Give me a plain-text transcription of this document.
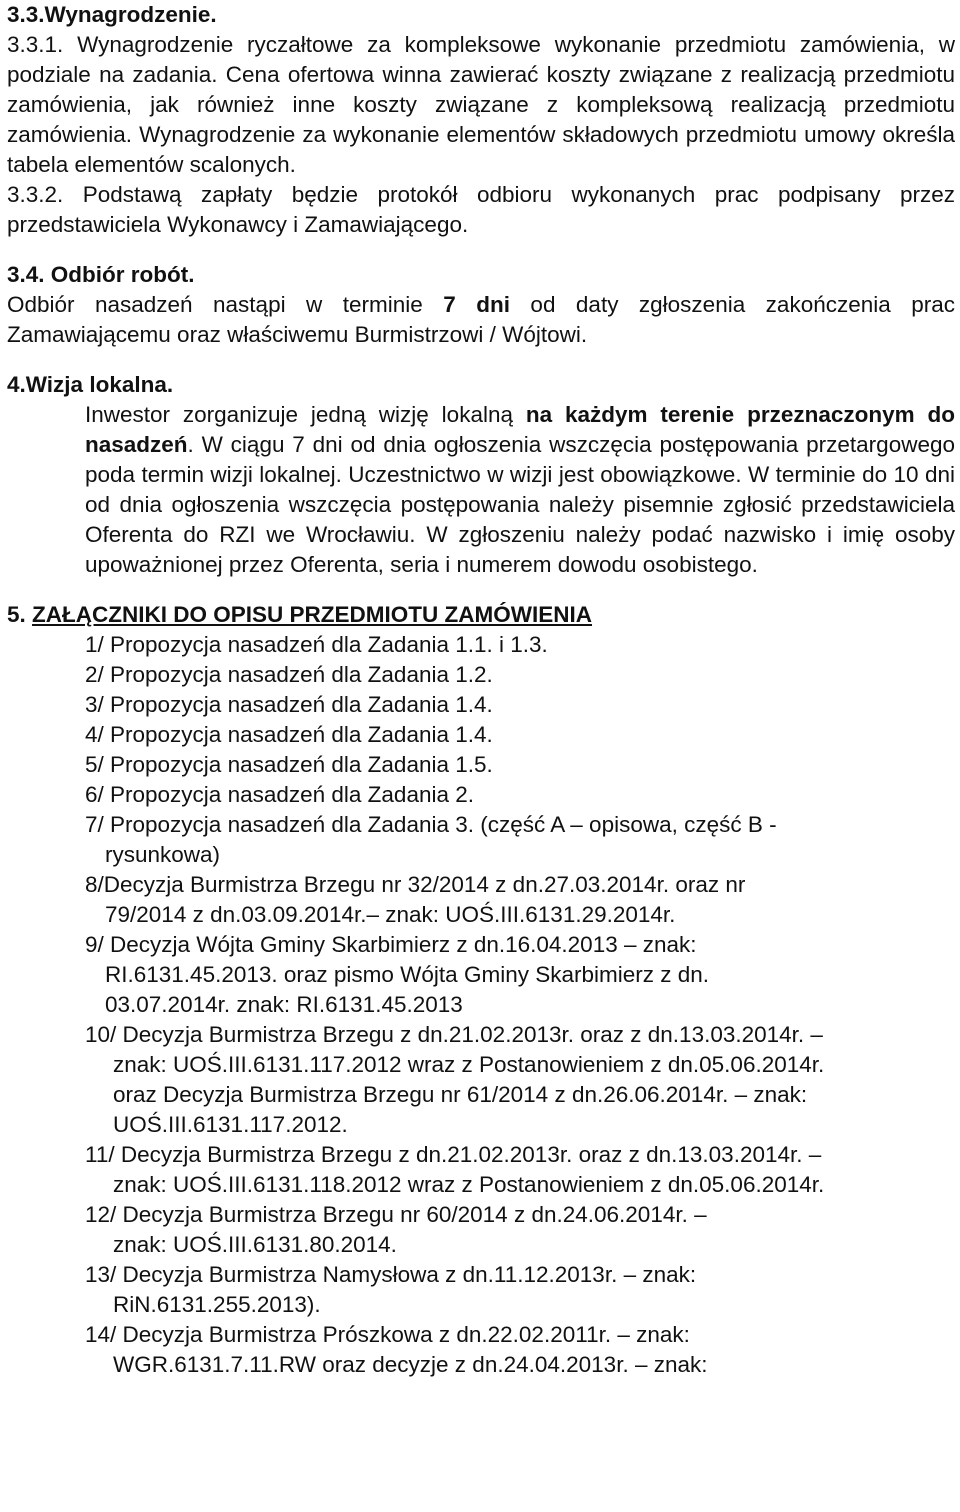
3.3.Wynagrodzenie.

3.3.1. Wynagrodzenie ryczałtowe za kompleksowe wykonanie przedmiotu zamówienia, w podziale na zadania. Cena ofertowa winna zawierać koszty związane z realizacją przedmiotu zamówienia, jak również inne koszty związane z kompleksową realizacją przedmiotu zamówienia. Wynagrodzenie za wykonanie elementów składowych przedmiotu umowy określa tabela elementów scalonych.

3.3.2. Podstawą zapłaty będzie protokół odbioru wykonanych prac podpisany przez przedstawiciela Wykonawcy i Zamawiającego.

3.4. Odbiór robót.

Odbiór nasadzeń nastąpi w terminie 7 dni od daty zgłoszenia zakończenia prac Zamawiającemu oraz właściwemu Burmistrzowi / Wójtowi.

4.Wizja lokalna.

Inwestor zorganizuje jedną wizję lokalną na każdym terenie przeznaczonym do nasadzeń. W ciągu 7 dni od dnia ogłoszenia wszczęcia postępowania przetargowego poda termin wizji lokalnej. Uczestnictwo w wizji jest obowiązkowe. W terminie do 10 dni od dnia ogłoszenia wszczęcia postępowania należy pisemnie zgłosić przedstawiciela Oferenta do RZI we Wrocławiu. W zgłoszeniu należy podać nazwisko i imię osoby upoważnionej przez Oferenta, seria i numerem dowodu osobistego.

5. ZAŁĄCZNIKI DO OPISU PRZEDMIOTU ZAMÓWIENIA

1/ Propozycja nasadzeń dla Zadania 1.1. i 1.3.
2/ Propozycja nasadzeń dla Zadania 1.2.
3/ Propozycja nasadzeń dla Zadania 1.4.
4/ Propozycja nasadzeń dla Zadania 1.4.
5/ Propozycja nasadzeń dla Zadania 1.5.
6/ Propozycja nasadzeń dla Zadania 2.
7/ Propozycja nasadzeń dla Zadania 3. (część A – opisowa, część B -
rysunkowa)
8/Decyzja Burmistrza Brzegu nr 32/2014 z dn.27.03.2014r. oraz nr
79/2014 z dn.03.09.2014r.– znak: UOŚ.III.6131.29.2014r.
9/ Decyzja Wójta Gminy Skarbimierz z dn.16.04.2013 – znak:
RI.6131.45.2013. oraz pismo Wójta Gminy Skarbimierz z dn.
03.07.2014r. znak: RI.6131.45.2013
10/ Decyzja Burmistrza Brzegu z dn.21.02.2013r. oraz z dn.13.03.2014r. –
znak: UOŚ.III.6131.117.2012 wraz z Postanowieniem z dn.05.06.2014r.
oraz Decyzja Burmistrza Brzegu nr 61/2014 z dn.26.06.2014r. – znak:
UOŚ.III.6131.117.2012.
11/ Decyzja Burmistrza Brzegu z dn.21.02.2013r. oraz z dn.13.03.2014r. –
znak: UOŚ.III.6131.118.2012 wraz z Postanowieniem z dn.05.06.2014r.
12/ Decyzja Burmistrza Brzegu nr 60/2014 z dn.24.06.2014r. –
znak: UOŚ.III.6131.80.2014.
13/ Decyzja Burmistrza Namysłowa z dn.11.12.2013r. – znak:
RiN.6131.255.2013).
14/ Decyzja Burmistrza Prószkowa z dn.22.02.2011r. – znak:
WGR.6131.7.11.RW oraz decyzje z dn.24.04.2013r. – znak:
